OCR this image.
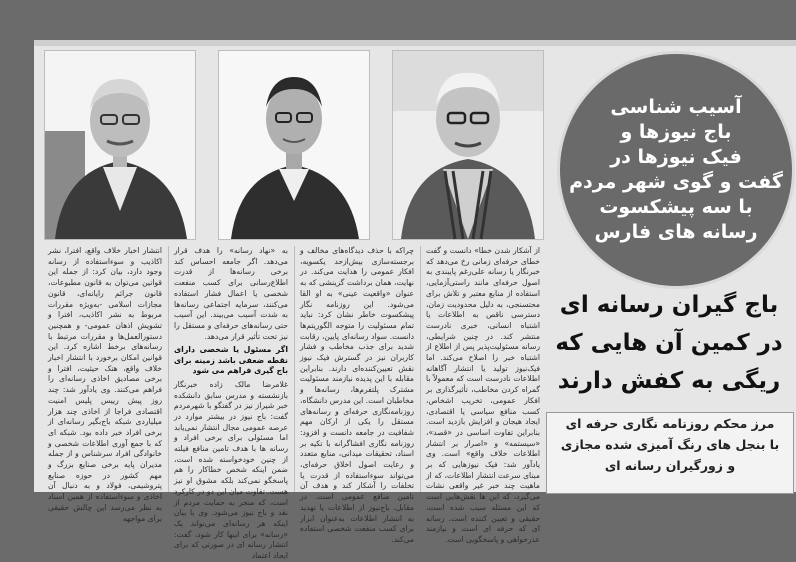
آسیب شناسی
باج نیوزها و
فیک نیوزها در
گفت و گوی شهر مردم
با سه پیشکسوت
رسانه های فارس
باج گیران رسانه ای
در کمین آن هایی که
ریگی به کفش دارند
مرز محکم روزنامه نگاری حرفه ای
با بنجل های رنگ آمیزی شده مجازی
و زورگیران رسانه ای

انتشار اخبار خلاف واقع، افترا، نشر اکاذیب و سوءاستفاده از رسانه وجود دارد، بیان کرد: از جمله این قوانین می‌توان به قانون مطبوعات، قانون جرائم رایانه‌ای، قانون مجازات اسلامی -به‌ویژه مقررات مربوط به نشر اکاذیب، افترا و تشویش اذهان عمومی- و همچنین دستورالعمل‌ها و مقررات مرتبط با رسانه‌های برخط اشاره کرد. این قوانین امکان برخورد با انتشار اخبار خلاف واقع، هتک حیثیت، افترا و برخی مصادیق اخاذی رسانه‌ای را فراهم می‌کنند. وی یادآور شد: چند روز پیش رییس پلیس امنیت اقتصادی فراجا از اخاذی چند هزار میلیاردی شبکه باج‌بگیر رسانه‌ای از برخی افراد خبر داده بود. شبکه ای که با جمع آوری اطلاعات شخصی و خانوادگی افراد سرشناس و از جمله مدیران پایه برخی صنایع بزرگ و مهم کشور در حوزه صنایع پتروشیمی، فولاد و به دنبال آن اخاذی و سوءاستفاده از همین اسناد به نظر می‌رسد این چالش حقیقی برای مواجهه

به «نهاد رسانه» را هدف قرار می‌دهد. اگر جامعه احساس کند برخی رسانه‌ها از قدرت اطلاع‌رسانی برای کسب منفعت شخصی یا اعمال فشار استفاده می‌کنند، سرمایه اجتماعی رسانه‌ها به شدت آسیب می‌بیند. این آسیب حتی رسانه‌های حرفه‌ای و مستقل را نیز تحت تأثیر قرار می‌دهد.

اگر مسئول یا شخصی دارای نقطه ضعفی باشد زمینه برای باج گیری فراهم می شود

غلامرضا مالک زاده خبرنگار بازنشسته و مدرس سابق دانشکده خبر شیراز نیز در گفتگو با شهرمردم گفت: باج نیوز در بیشتر موارد در عرصه عمومی مجال انتشار نمی‌یابد اما مسئولی برای برخی افراد و رسانه ها با هدف تامین منافع فیلته از چنین خودخواسته شده است، ضمن اینکه شخص خطاکار را هم پاسخگو نمی‌کند بلکه مشوق او نیز هست. تفاوت میان این دو در کارکرد است، که منجر به حمایت مردم از نقد و باج نیوز می‌شود. وی با بیان اینکه هر رسانه‌ای می‌تواند یک «رسانه» برای اینها کار شود، گفت: انتشار رسانه ای در صورتی که برای ایجاد اعتماد

چراکه با حذف دیدگاه‌های مخالف و برجسته‌سازی بیش‌ازحد یکسویه، افکار عمومی را هدایت می‌کند. در نهایت، همان برداشت گزینشی که به عنوان «واقعیت عینی» به او القا می‌شود. این روزنامه نگار پیشکسوت خاطر نشان کرد: نباید تمام مسئولیت را متوجه الگوریتم‌ها دانست. سواد رسانه‌ای پایین، رقابت شدید برای جذب مخاطب و فشار کاربران نیز در گسترش فیک نیوز نقش تعیین‌کننده‌ای دارند. بنابراین مقابله با این پدیده نیازمند مسئولیت مشترک پلتفرم‌ها، رسانه‌ها و مخاطبان است. این مدرس دانشگاه، روزنامه‌نگاری حرفه‌ای و رسانه‌های مستقل را یکی از ارکان مهم شفافیت در جامعه دانست و افزود: روزنامه نگاری افشاگرانه با تکیه بر اسناد، تحقیقات میدانی، منابع متعدد و رعایت اصول اخلاق حرفه‌ای، می‌تواند سوءاستفاده از قدرت یا تخلفات را آشکار کند و هدف آن تامین منافع عمومی است. در مقابل، باج‌نیوز از اطلاعات یا تهدید به انتشار اطلاعات به‌عنوان ابزار برای کسب منفعت شخصی استفاده می‌کند.

از آشکار شدن خطا» دانست و گفت خطای حرفه‌ای زمانی رخ می‌دهد که خبرنگار یا رسانه علی‌رغم پایبندی به اصول حرفه‌ای مانند راستی‌آزمایی، استفاده از منابع معتبر و تلاش برای محتسنجی، به دلیل محدودیت زمان، دسترسی ناقص به اطلاعات یا اشتباه انسانی، خبری نادرست منتشر کند. در چنین شرایطی، رسانه مسئولیت‌پذیر پس از اطلاع از اشتباه خبر را اصلاح می‌کند. اما فیک‌نیوز تولید یا انتشار آگاهانه اطلاعات نادرست است که معمولاً با گمراه کردن مخاطب، تأثیرگذاری بر افکار عمومی، تخریب اشخاص، کسب منافع سیاسی یا اقتصادی، ایجاد هیجان و افزایش بازدید است. بنابراین تفاوت اساسی در «قصد»، «سیستمه» و «اصرار بر انتشار اطلاعات خلاف واقع» است. وی یادآور شد: فیک نیوزهایی که بر مبنای سرعت انتشار اطلاعات، که از ماهیت چند خبر غیر واقعی نشات می‌گیرد، که این ها نقش‌هایی است که این مسئله سبب شده است، حقیقی و تعیین کننده است. رسانه ای که حرفه ای است و نیازمند عذرخواهی و پاسخگویی است.
